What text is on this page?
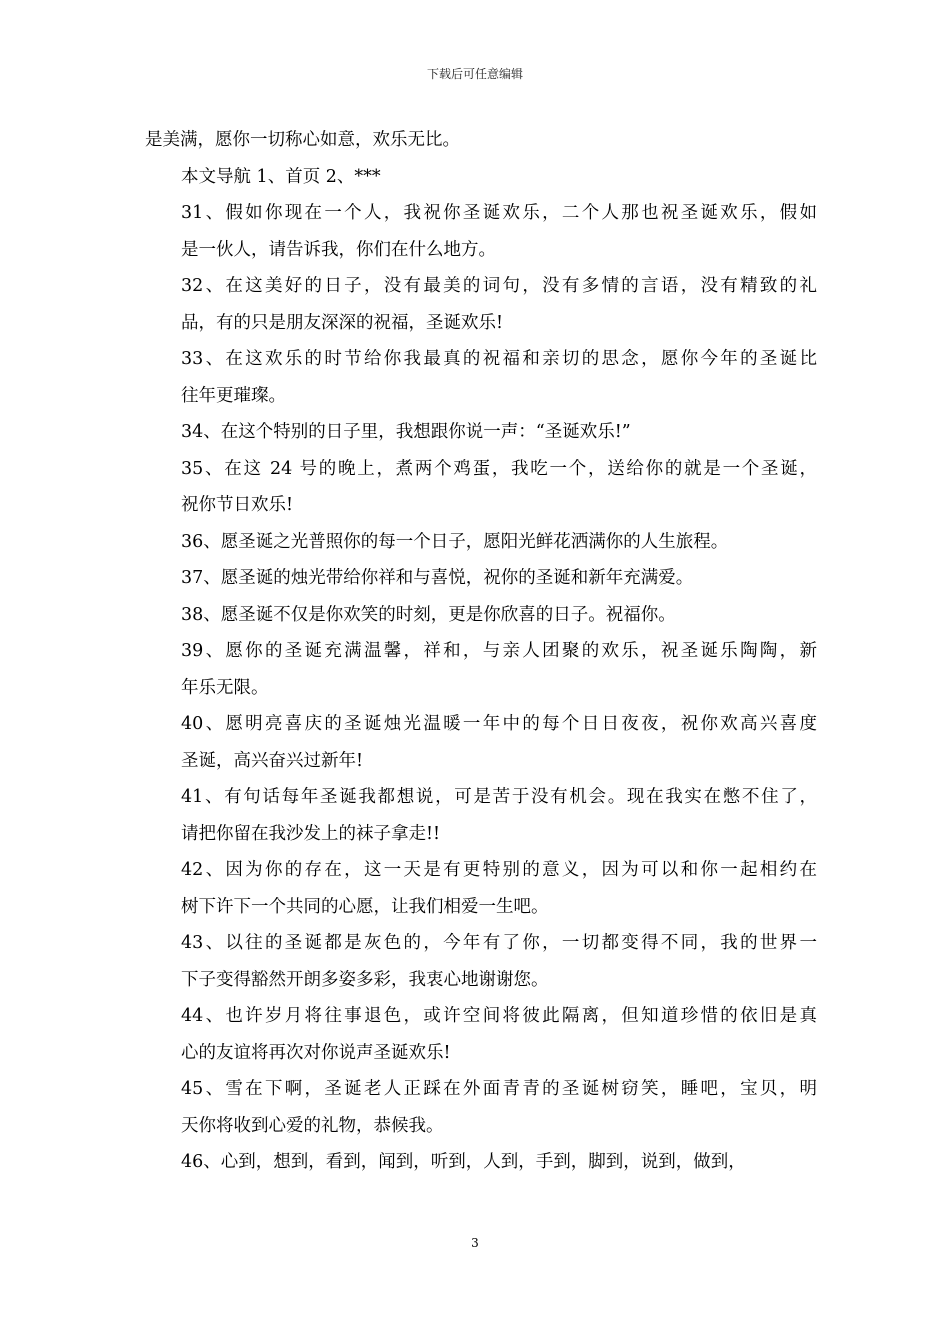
下载后可任意编辑

是美满，愿你一切称心如意，欢乐无比。

本文导航 1、首页 2、***

31、假如你现在一个人，我祝你圣诞欢乐，二个人那也祝圣诞欢乐，假如
是一伙人，请告诉我，你们在什么地方。

32、在这美好的日子，没有最美的词句，没有多情的言语，没有精致的礼
品，有的只是朋友深深的祝福，圣诞欢乐!

33、在这欢乐的时节给你我最真的祝福和亲切的思念，愿你今年的圣诞比
往年更璀璨。

34、在这个特别的日子里，我想跟你说一声：“圣诞欢乐!”

35、在这 24 号的晚上，煮两个鸡蛋，我吃一个，送给你的就是一个圣诞，
祝你节日欢乐!

36、愿圣诞之光普照你的每一个日子，愿阳光鲜花洒满你的人生旅程。

37、愿圣诞的烛光带给你祥和与喜悦，祝你的圣诞和新年充满爱。

38、愿圣诞不仅是你欢笑的时刻，更是你欣喜的日子。祝福你。

39、愿你的圣诞充满温馨，祥和，与亲人团聚的欢乐，祝圣诞乐陶陶，新
年乐无限。

40、愿明亮喜庆的圣诞烛光温暖一年中的每个日日夜夜，祝你欢高兴喜度
圣诞，高兴奋兴过新年!

41、有句话每年圣诞我都想说，可是苦于没有机会。现在我实在憋不住了，
请把你留在我沙发上的袜子拿走!!

42、因为你的存在，这一天是有更特别的意义，因为可以和你一起相约在
树下许下一个共同的心愿，让我们相爱一生吧。

43、以往的圣诞都是灰色的，今年有了你，一切都变得不同，我的世界一
下子变得豁然开朗多姿多彩，我衷心地谢谢您。

44、也许岁月将往事退色，或许空间将彼此隔离，但知道珍惜的依旧是真
心的友谊将再次对你说声圣诞欢乐!

45、雪在下啊，圣诞老人正踩在外面青青的圣诞树窃笑，睡吧，宝贝，明
天你将收到心爱的礼物，恭候我。

46、心到，想到，看到，闻到，听到，人到，手到，脚到，说到，做到，

3
